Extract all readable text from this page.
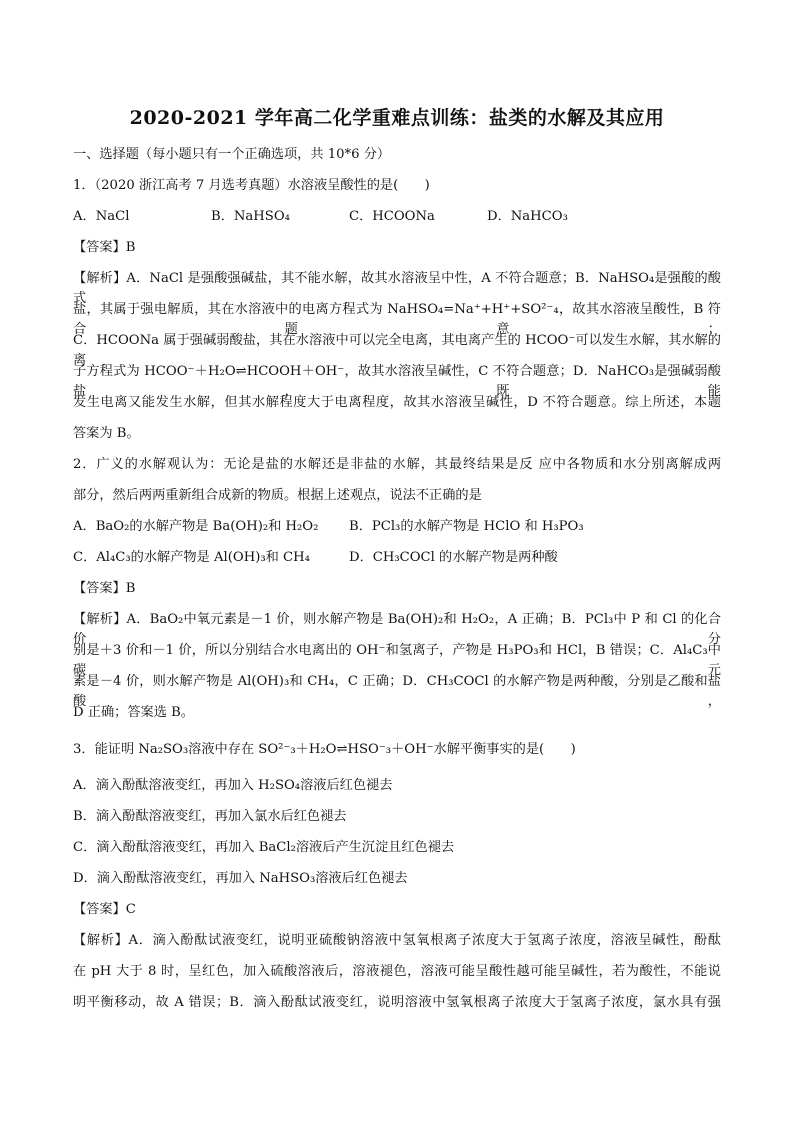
2020-2021 学年高二化学重难点训练：盐类的水解及其应用
一、选择题（每小题只有一个正确选项，共 10*6 分）
1．（2020 浙江高考 7 月选考真题）水溶液呈酸性的是(　　)
A．NaCl	B．NaHSO₄	C．HCOONa	D．NaHCO₃
【答案】B
【解析】A．NaCl 是强酸强碱盐，其不能水解，故其水溶液呈中性，A 不符合题意；B．NaHSO₄是强酸的酸式
盐，其属于强电解质，其在水溶液中的电离方程式为 NaHSO₄=Na⁺+H⁺+SO²⁻₄，故其水溶液呈酸性，B 符合题意；
C．HCOONa 属于强碱弱酸盐，其在水溶液中可以完全电离，其电离产生的 HCOO⁻可以发生水解，其水解的离
子方程式为 HCOO⁻＋H₂O⇌HCOOH＋OH⁻，故其水溶液呈碱性，C 不符合题意；D．NaHCO₃是强碱弱酸盐，既能
发生电离又能发生水解，但其水解程度大于电离程度，故其水溶液呈碱性，D 不符合题意。综上所述，本题
答案为 B。
2．广义的水解观认为：无论是盐的水解还是非盐的水解，其最终结果是反 应中各物质和水分别离解成两
部分，然后两两重新组合成新的物质。根据上述观点，说法不正确的是
A．BaO₂的水解产物是 Ba(OH)₂和 H₂O₂ B．PCl₃的水解产物是 HClO 和 H₃PO₃
C．Al₄C₃的水解产物是 Al(OH)₃和 CH₄	D．CH₃COCl 的水解产物是两种酸
【答案】B
【解析】A．BaO₂中氧元素是－1 价，则水解产物是 Ba(OH)₂和 H₂O₂，A 正确；B．PCl₃中 P 和 Cl 的化合价分
别是＋3 价和－1 价，所以分别结合水电离出的 OH⁻和氢离子，产物是 H₃PO₃和 HCl，B 错误；C．Al₄C₃中碳元
素是－4 价，则水解产物是 Al(OH)₃和 CH₄，C 正确；D．CH₃COCl 的水解产物是两种酸，分别是乙酸和盐酸，
D 正确；答案选 B。
3．能证明 Na₂SO₃溶液中存在 SO²⁻₃＋H₂O⇌HSO⁻₃＋OH⁻水解平衡事实的是(　　)
A．滴入酚酞溶液变红，再加入 H₂SO₄溶液后红色褪去
B．滴入酚酞溶液变红，再加入氯水后红色褪去
C．滴入酚酞溶液变红，再加入 BaCl₂溶液后产生沉淀且红色褪去
D．滴入酚酞溶液变红，再加入 NaHSO₃溶液后红色褪去
【答案】C
【解析】A．滴入酚酞试液变红，说明亚硫酸钠溶液中氢氧根离子浓度大于氢离子浓度，溶液呈碱性，酚酞
在 pH 大于 8 时，呈红色，加入硫酸溶液后，溶液褪色，溶液可能呈酸性越可能呈碱性，若为酸性，不能说
明平衡移动，故 A 错误；B．滴入酚酞试液变红，说明溶液中氢氧根离子浓度大于氢离子浓度，氯水具有强
